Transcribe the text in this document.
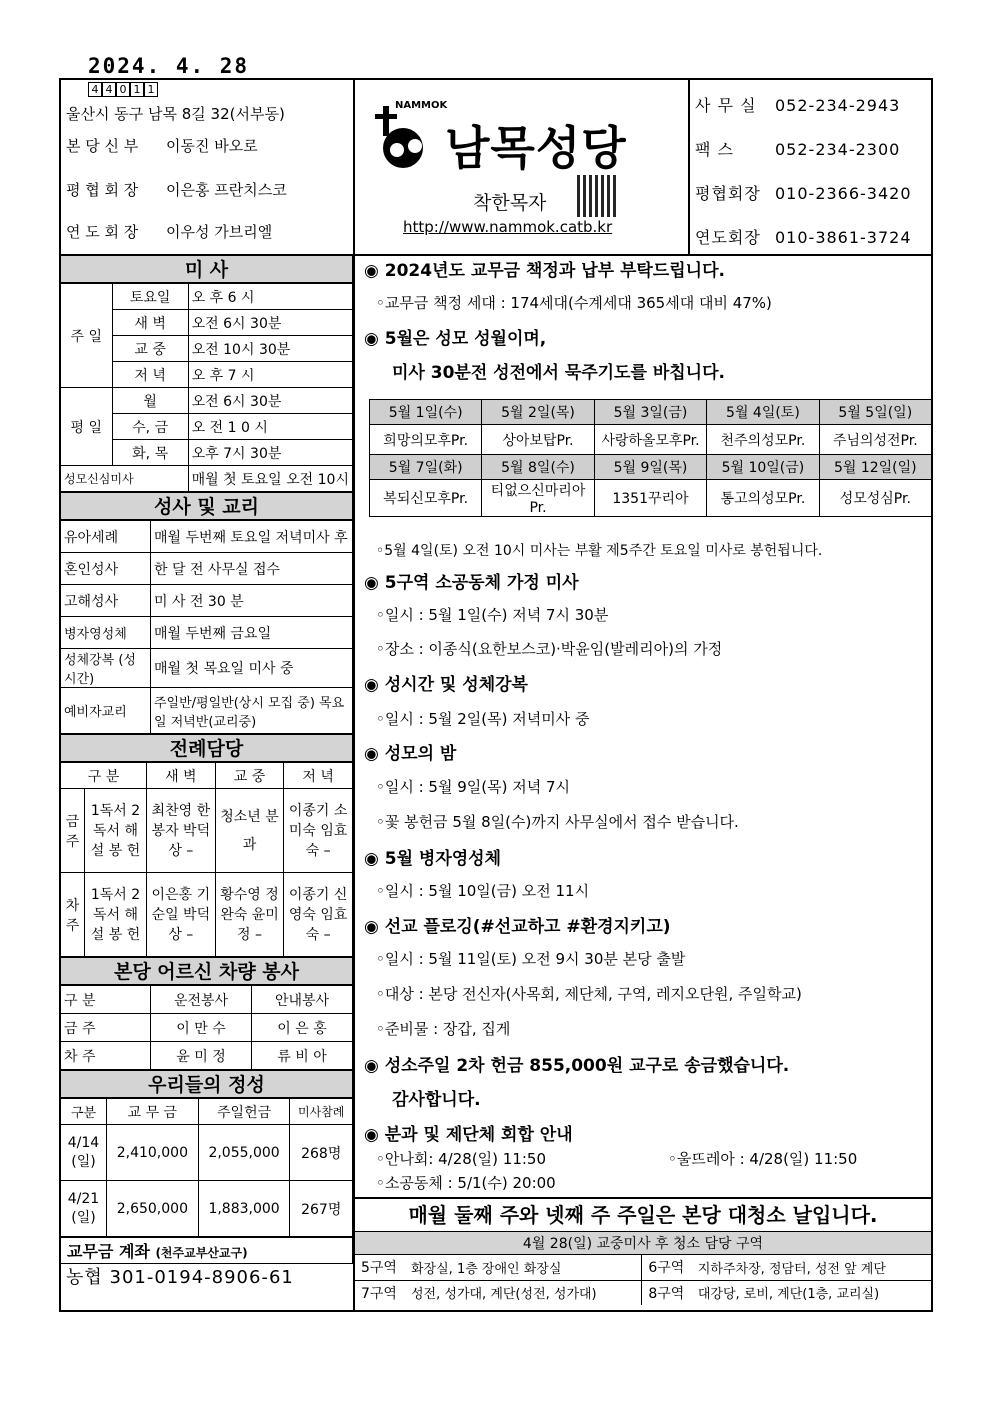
2024. 4. 28
4 4 0 1 1
울산시 동구 남목 8길 32(서부동)
본 당 신 부 이동진 바오로
평 협 회 장 이은홍 프란치스코
연 도 회 장 이우성 가브리엘
NAMMOK
남목성당
착한목자
http://www.nammok.catb.kr
사 무 실 052-234-2943
팩 스	052-234-2300
평협회장 010-2366-3420
연도회장 010-3861-3724
미 사
주 일	토요일	오 후 6 시
	새 벽	오전 6시 30분
	교 중	오전 10시 30분
	저 녁	오 후 7 시
평 일	월	오전 6시 30분
	수, 금	오 전 1 0 시
	화, 목	오후 7시 30분
성모신심미사		매월 첫 토요일 오전 10시
성사 및 교리
유아세례	매월 두번째 토요일 저녁미사 후
혼인성사	한 달 전 사무실 접수
고해성사	미 사 전 30 분
병자영성체	매월 두번째 금요일
성체강복 (성시간)	매월 첫 목요일 미사 중
예비자교리	주일반/평일반(상시 모집 중) 목요일 저녁반(교리중)
전례담당
구 분		새 벽	교 중	저 녁
금 주	1독서 2독서 해 설 봉 헌	최찬영 한봉자 박덕상 –	청소년 분 과	이종기 소미숙 임효숙 –
차 주	1독서 2독서 해 설 봉 헌	이은홍 기순일 박덕상 –	황수영 정완숙 윤미정 –	이종기 신영숙 임효숙 –
본당 어르신 차량 봉사
구 분	운전봉사	안내봉사
금 주	이 만 수	이 은 홍
차 주	윤 미 정	류 비 아
우리들의 정성
구분	교 무 금	주일헌금	미사참례
4/14 (일)	2,410,000	2,055,000	268명
4/21 (일)	2,650,000	1,883,000	267명
교무금 계좌 (천주교부산교구)
농협 301-0194-8906-61
◉ 2024년도 교무금 책정과 납부 부탁드립니다.
◦교무금 책정 세대 : 174세대(수계세대 365세대 대비 47%)
◉ 5월은 성모 성월이며,
미사 30분전 성전에서 묵주기도를 바칩니다.
5월 1일(수)	5월 2일(목)	5월 3일(금)	5월 4일(토)	5월 5일(일)
희망의모후Pr.	상아보탑Pr.	사랑하올모후Pr.	천주의성모Pr.	주님의성전Pr.
5월 7일(화)	5월 8일(수)	5월 9일(목)	5월 10일(금)	5월 12일(일)
복되신모후Pr.	티없으신마리아Pr.	1351꾸리아	통고의성모Pr.	성모성심Pr.
◦5월 4일(토) 오전 10시 미사는 부활 제5주간 토요일 미사로 봉헌됩니다.
◉ 5구역 소공동체 가정 미사
◦일시 : 5월 1일(수) 저녁 7시 30분
◦장소 : 이종식(요한보스코)·박윤임(발레리아)의 가정
◉ 성시간 및 성체강복
◦일시 : 5월 2일(목) 저녁미사 중
◉ 성모의 밤
◦일시 : 5월 9일(목) 저녁 7시
◦꽃 봉헌금 5월 8일(수)까지 사무실에서 접수 받습니다.
◉ 5월 병자영성체
◦일시 : 5월 10일(금) 오전 11시
◉ 선교 플로깅(#선교하고 #환경지키고)
◦일시 : 5월 11일(토) 오전 9시 30분 본당 출발
◦대상 : 본당 전신자(사목회, 제단체, 구역, 레지오단원, 주일학교)
◦준비물 : 장갑, 집게
◉ 성소주일 2차 헌금 855,000원 교구로 송금했습니다.
감사합니다.
◉ 분과 및 제단체 회합 안내
◦안나회: 4/28(일) 11:50	◦울뜨레아 : 4/28(일) 11:50
◦소공동체 : 5/1(수) 20:00
매월 둘째 주와 넷째 주 주일은 본당 대청소 날입니다.
4월 28(일) 교중미사 후 청소 담당 구역
5구역	화장실, 1층 장애인 화장실	6구역	지하주차장, 정담터, 성전 앞 계단
7구역	성전, 성가대, 계단(성전, 성가대)	8구역	대강당, 로비, 계단(1층, 교리실)
